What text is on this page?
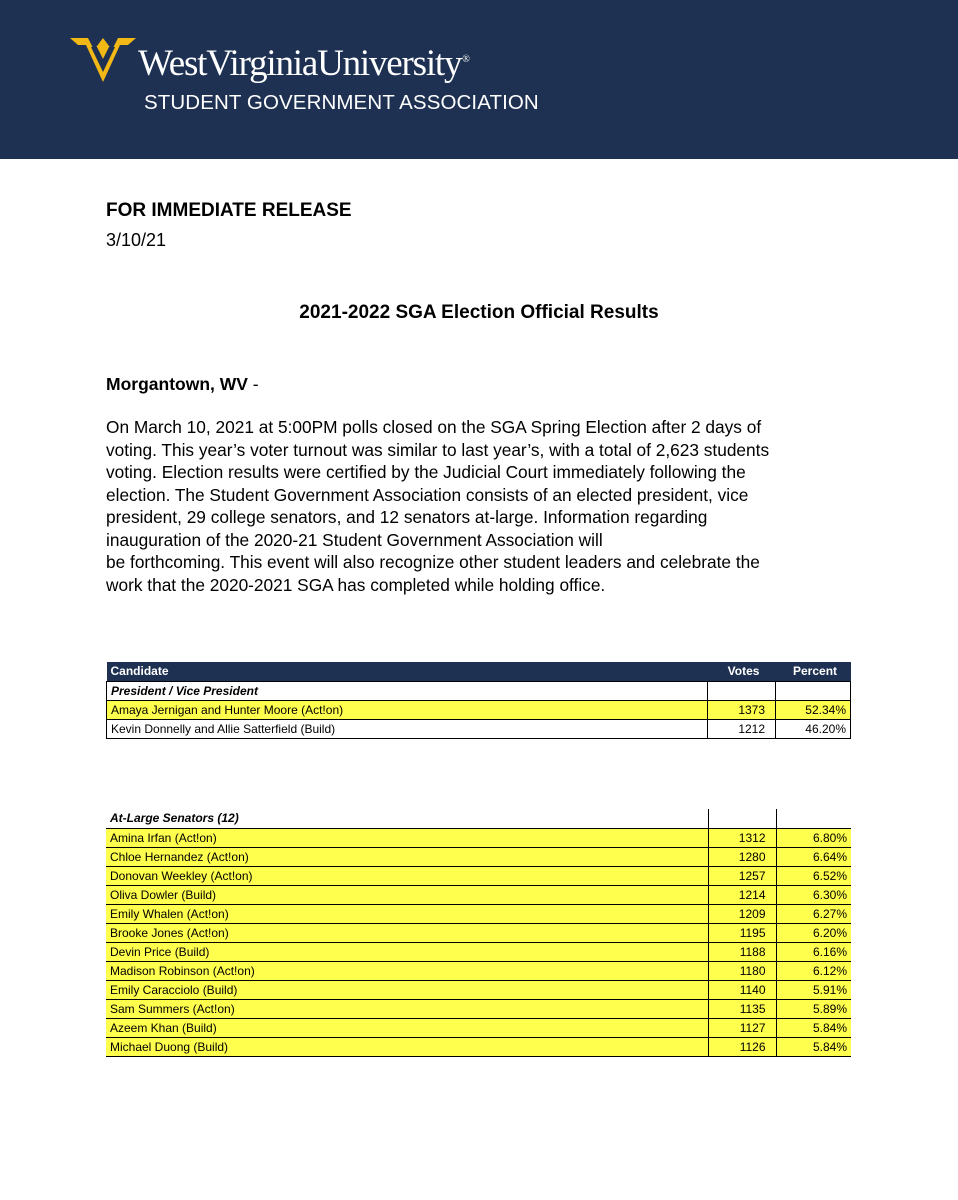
WestVirginiaUniversity®
STUDENT GOVERNMENT ASSOCIATION
FOR IMMEDIATE RELEASE
3/10/21
2021-2022 SGA Election Official Results
Morgantown, WV -
On March 10, 2021 at 5:00PM polls closed on the SGA Spring Election after 2 days of
voting. This year’s voter turnout was similar to last year’s, with a total of 2,623 students
voting. Election results were certified by the Judicial Court immediately following the
election. The Student Government Association consists of an elected president, vice
president, 29 college senators, and 12 senators at-large. Information regarding
inauguration of the 2020-21 Student Government Association will
be forthcoming. This event will also recognize other student leaders and celebrate the
work that the 2020-2021 SGA has completed while holding office.
Candidate	Votes	Percent
President / Vice President		
Amaya Jernigan and Hunter Moore (Act!on)	1373	52.34%
Kevin Donnelly and Allie Satterfield (Build)	1212	46.20%
At-Large Senators (12)		
Amina Irfan (Act!on)	1312	6.80%
Chloe Hernandez (Act!on)	1280	6.64%
Donovan Weekley (Act!on)	1257	6.52%
Oliva Dowler (Build)	1214	6.30%
Emily Whalen (Act!on)	1209	6.27%
Brooke Jones (Act!on)	1195	6.20%
Devin Price (Build)	1188	6.16%
Madison Robinson (Act!on)	1180	6.12%
Emily Caracciolo (Build)	1140	5.91%
Sam Summers (Act!on)	1135	5.89%
Azeem Khan (Build)	1127	5.84%
Michael Duong (Build)	1126	5.84%
